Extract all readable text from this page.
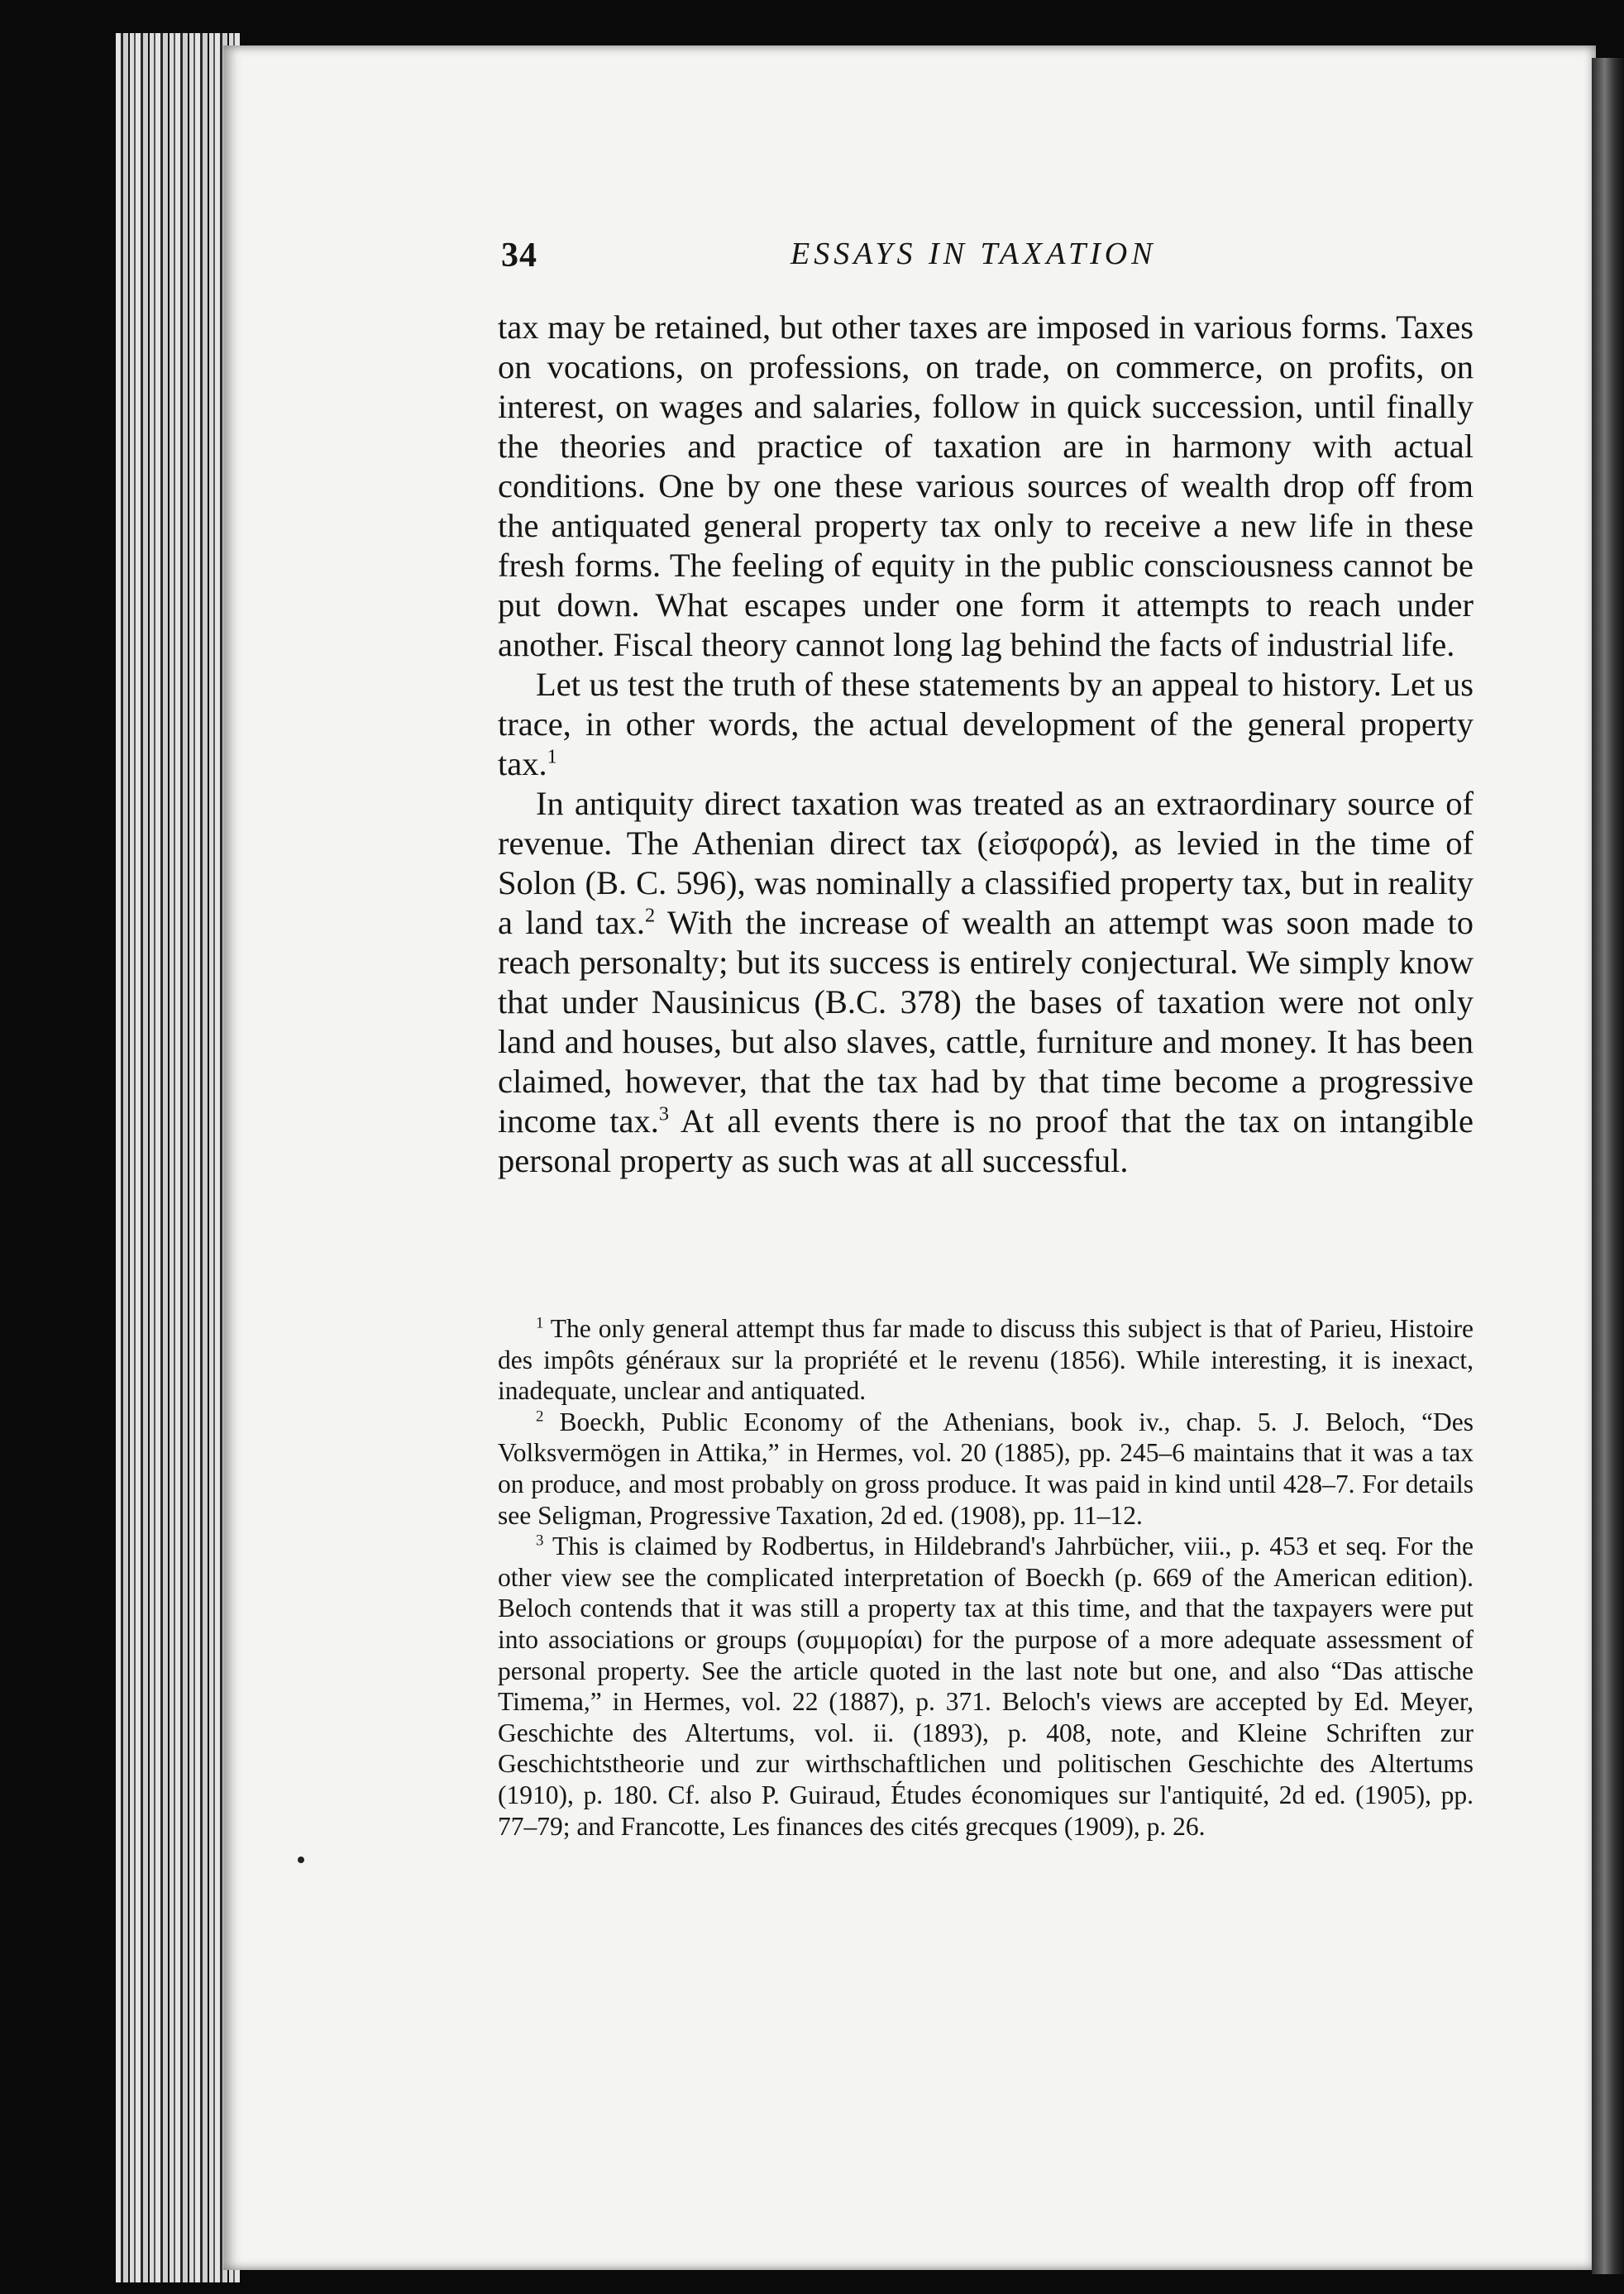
34	ESSAYS IN TAXATION

tax may be retained, but other taxes are imposed in various forms. Taxes on vocations, on professions, on trade, on commerce, on profits, on interest, on wages and salaries, follow in quick succession, until finally the theories and practice of taxation are in harmony with actual conditions. One by one these various sources of wealth drop off from the antiquated general property tax only to receive a new life in these fresh forms. The feeling of equity in the public consciousness cannot be put down. What escapes under one form it attempts to reach under another. Fiscal theory cannot long lag behind the facts of industrial life.

Let us test the truth of these statements by an appeal to history. Let us trace, in other words, the actual development of the general property tax.$^1$

In antiquity direct taxation was treated as an extraordinary source of revenue. The Athenian direct tax (εἰσφορά), as levied in the time of Solon (B. C. 596), was nominally a classified property tax, but in reality a land tax.$^2$ With the increase of wealth an attempt was soon made to reach personalty; but its success is entirely conjectural. We simply know that under Nausinicus (B.C. 378) the bases of taxation were not only land and houses, but also slaves, cattle, furniture and money. It has been claimed, however, that the tax had by that time become a progressive income tax.$^3$ At all events there is no proof that the tax on intangible personal property as such was at all successful.

$^1$ The only general attempt thus far made to discuss this subject is that of Parieu, Histoire des impôts généraux sur la propriété et le revenu (1856). While interesting, it is inexact, inadequate, unclear and antiquated.

$^2$ Boeckh, Public Economy of the Athenians, book iv., chap. 5. J. Beloch, “Des Volksvermögen in Attika,” in Hermes, vol. 20 (1885), pp. 245–6 maintains that it was a tax on produce, and most probably on gross produce. It was paid in kind until 428–7. For details see Seligman, Progressive Taxation, 2d ed. (1908), pp. 11–12.

$^3$ This is claimed by Rodbertus, in Hildebrand's Jahrbücher, viii., p. 453 et seq. For the other view see the complicated interpretation of Boeckh (p. 669 of the American edition). Beloch contends that it was still a property tax at this time, and that the taxpayers were put into associations or groups (συμμορίαι) for the purpose of a more adequate assessment of personal property. See the article quoted in the last note but one, and also “Das attische Timema,” in Hermes, vol. 22 (1887), p. 371. Beloch's views are accepted by Ed. Meyer, Geschichte des Altertums, vol. ii. (1893), p. 408, note, and Kleine Schriften zur Geschichtstheorie und zur wirthschaftlichen und politischen Geschichte des Altertums (1910), p. 180. Cf. also P. Guiraud, Études économiques sur l'antiquité, 2d ed. (1905), pp. 77–79; and Francotte, Les finances des cités grecques (1909), p. 26.
